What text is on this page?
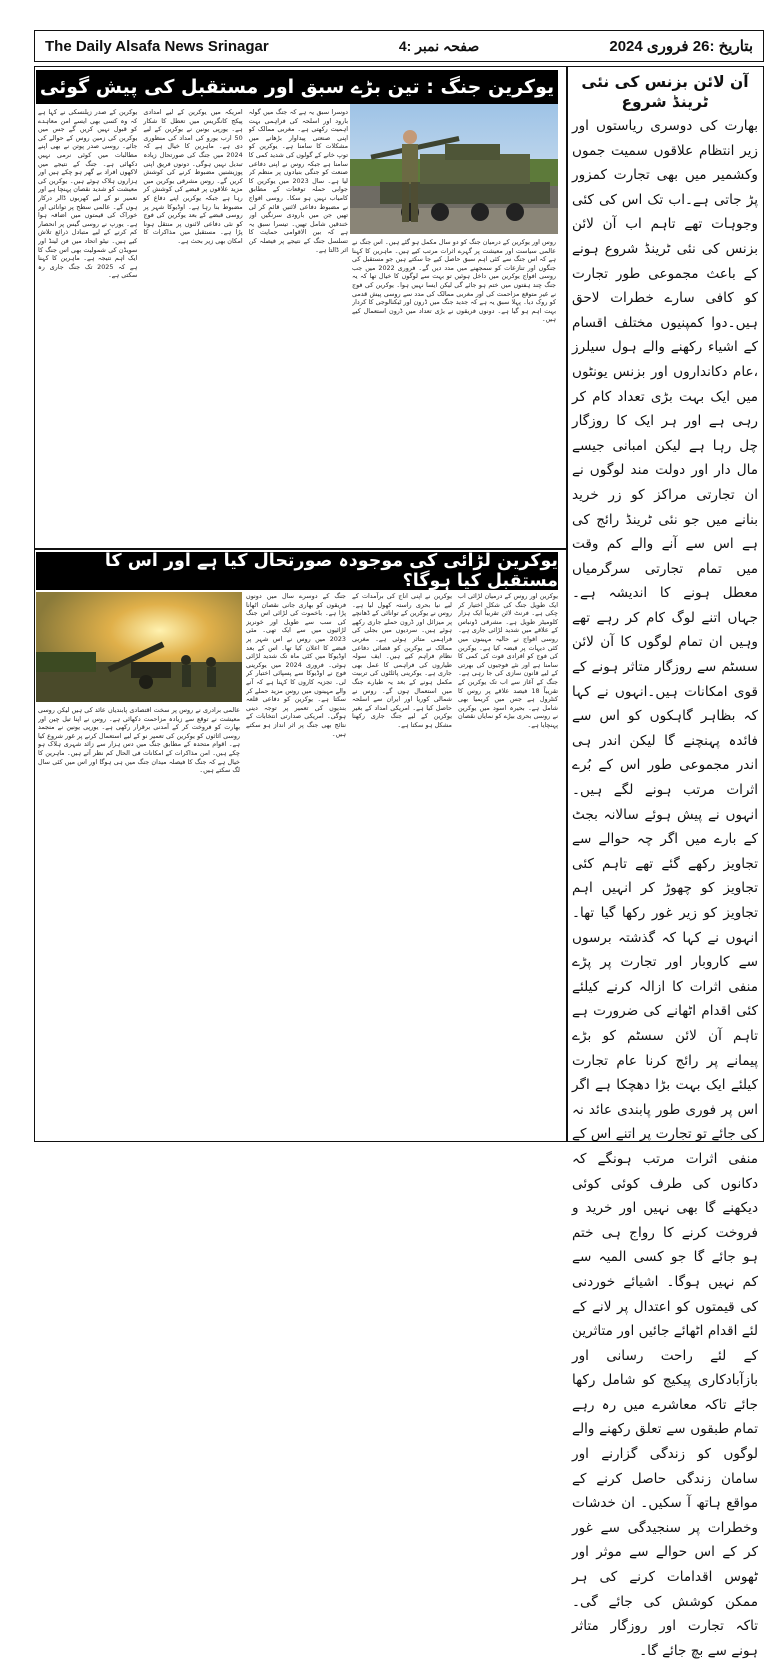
The Daily Alsafa News Srinagar	صفحہ نمبر :4	بتاریخ :26 فروری 2024
یوکرین جنگ : تین بڑے سبق اور مستقبل کی پیش گوئی

دوسرا سبق یہ ہے کہ جنگ میں گولہ بارود اور اسلحہ کی فراہمی بہت اہمیت رکھتی ہے۔ مغربی ممالک کو اپنی صنعتی پیداوار بڑھانے میں مشکلات کا سامنا ہے۔ یوکرین کو توپ خانے کے گولوں کی شدید کمی کا سامنا ہے جبکہ روس نے اپنی دفاعی صنعت کو جنگی بنیادوں پر منظم کر لیا ہے۔ سال 2023 میں یوکرین کا جوابی حملہ توقعات کے مطابق کامیاب نہیں ہو سکا۔ روسی افواج نے مضبوط دفاعی لائنیں قائم کر لی تھیں جن میں بارودی سرنگیں اور خندقیں شامل تھیں۔ تیسرا سبق یہ ہے کہ بین الاقوامی حمایت کا تسلسل جنگ کے نتیجے پر فیصلہ کن اثر ڈالتا ہے۔

امریکہ میں یوکرین کے لیے امدادی پیکج کانگریس میں تعطل کا شکار ہے۔ یورپی یونین نے یوکرین کے لیے 50 ارب یورو کی امداد کی منظوری دی ہے۔ ماہرین کا خیال ہے کہ 2024 میں جنگ کی صورتحال زیادہ تبدیل نہیں ہوگی۔ دونوں فریق اپنی پوزیشنیں مضبوط کرنے کی کوشش کریں گے۔ روس مشرقی یوکرین میں مزید علاقوں پر قبضے کی کوشش کر رہا ہے جبکہ یوکرین اپنے دفاع کو مضبوط بنا رہا ہے۔ اوڈیوکا شہر پر روسی قبضے کے بعد یوکرین کی فوج کو نئی دفاعی لائنوں پر منتقل ہونا پڑا ہے۔ مستقبل میں مذاکرات کا امکان بھی زیر بحث ہے۔

یوکرین کے صدر زیلنسکی نے کہا ہے کہ وہ کسی بھی ایسے امن معاہدے کو قبول نہیں کریں گے جس میں یوکرین کی زمین روس کے حوالے کی جائے۔ روسی صدر پوتن نے بھی اپنے مطالبات میں کوئی نرمی نہیں دکھائی ہے۔ جنگ کے نتیجے میں لاکھوں افراد بے گھر ہو چکے ہیں اور ہزاروں ہلاک ہوئے ہیں۔ یوکرین کی معیشت کو شدید نقصان پہنچا ہے اور تعمیر نو کے لیے کھربوں ڈالر درکار ہوں گے۔ عالمی سطح پر توانائی اور خوراک کی قیمتوں میں اضافہ ہوا ہے۔ یورپ نے روسی گیس پر انحصار کم کرنے کے لیے متبادل ذرائع تلاش کیے ہیں۔ نیٹو اتحاد میں فن لینڈ اور سویڈن کی شمولیت بھی اس جنگ کا ایک اہم نتیجہ ہے۔ ماہرین کا کہنا ہے کہ 2025 تک جنگ جاری رہ سکتی ہے۔

روس اور یوکرین کے درمیان جنگ کو دو سال مکمل ہو گئے ہیں۔ اس جنگ نے عالمی سیاست اور معیشت پر گہرے اثرات مرتب کیے ہیں۔ ماہرین کا کہنا ہے کہ اس جنگ سے کئی اہم سبق حاصل کیے جا سکتے ہیں جو مستقبل کی جنگوں اور تنازعات کو سمجھنے میں مدد دیں گے۔ فروری 2022 میں جب روسی افواج یوکرین میں داخل ہوئیں تو بہت سے لوگوں کا خیال تھا کہ یہ جنگ چند ہفتوں میں ختم ہو جائے گی لیکن ایسا نہیں ہوا۔ یوکرین کی فوج نے غیر متوقع مزاحمت کی اور مغربی ممالک کی مدد سے روسی پیش قدمی کو روک دیا۔ پہلا سبق یہ ہے کہ جدید جنگ میں ڈرون اور ٹیکنالوجی کا کردار بہت اہم ہو گیا ہے۔ دونوں فریقوں نے بڑی تعداد میں ڈرون استعمال کیے ہیں۔

یوکرین لڑائی کی موجودہ صورتحال کیا ہے اور اس کا مستقبل کیا ہوگا؟

یوکرین اور روس کے درمیان لڑائی اب ایک طویل جنگ کی شکل اختیار کر چکی ہے۔ فرنٹ لائن تقریباً ایک ہزار کلومیٹر طویل ہے۔ مشرقی ڈونباس کے علاقے میں شدید لڑائی جاری ہے۔ روسی افواج نے حالیہ مہینوں میں کئی دیہات پر قبضہ کیا ہے۔ یوکرین کی فوج کو افرادی قوت کی کمی کا سامنا ہے اور نئے فوجیوں کی بھرتی کے لیے قانون سازی کی جا رہی ہے۔ جنگ کے آغاز سے اب تک یوکرین کے تقریباً 18 فیصد علاقے پر روس کا کنٹرول ہے جس میں کریمیا بھی شامل ہے۔ بحیرہ اسود میں یوکرین نے روسی بحری بیڑے کو نمایاں نقصان پہنچایا ہے۔

یوکرین نے اپنی اناج کی برآمدات کے لیے نیا بحری راستہ کھول لیا ہے۔ روس نے یوکرین کے توانائی کے ڈھانچے پر میزائل اور ڈرون حملے جاری رکھے ہوئے ہیں۔ سردیوں میں بجلی کی فراہمی متاثر ہوئی ہے۔ مغربی ممالک نے یوکرین کو فضائی دفاعی نظام فراہم کیے ہیں۔ ایف سولہ طیاروں کی فراہمی کا عمل بھی جاری ہے۔ یوکرینی پائلٹوں کی تربیت مکمل ہونے کے بعد یہ طیارے جنگ میں استعمال ہوں گے۔ روس نے شمالی کوریا اور ایران سے اسلحہ حاصل کیا ہے۔ امریکی امداد کے بغیر یوکرین کے لیے جنگ جاری رکھنا مشکل ہو سکتا ہے۔

جنگ کے دوسرے سال میں دونوں فریقوں کو بھاری جانی نقصان اٹھانا پڑا ہے۔ باخموت کی لڑائی اس جنگ کی سب سے طویل اور خونریز لڑائیوں میں سے ایک تھی۔ مئی 2023 میں روس نے اس شہر پر قبضے کا اعلان کیا تھا۔ اس کے بعد اوڈیوکا میں کئی ماہ تک شدید لڑائی ہوئی۔ فروری 2024 میں یوکرینی فوج نے اوڈیوکا سے پسپائی اختیار کر لی۔ تجزیہ کاروں کا کہنا ہے کہ آنے والے مہینوں میں روس مزید حملے کر سکتا ہے۔ یوکرین کو دفاعی قلعہ بندیوں کی تعمیر پر توجہ دینی ہوگی۔ امریکی صدارتی انتخابات کے نتائج بھی جنگ پر اثر انداز ہو سکتے ہیں۔

عالمی برادری نے روس پر سخت اقتصادی پابندیاں عائد کی ہیں لیکن روسی معیشت نے توقع سے زیادہ مزاحمت دکھائی ہے۔ روس نے اپنا تیل چین اور بھارت کو فروخت کر کے آمدنی برقرار رکھی ہے۔ یورپی یونین نے منجمد روسی اثاثوں کو یوکرین کی تعمیر نو کے لیے استعمال کرنے پر غور شروع کیا ہے۔ اقوام متحدہ کے مطابق جنگ میں دس ہزار سے زائد شہری ہلاک ہو چکے ہیں۔ امن مذاکرات کے امکانات فی الحال کم نظر آتے ہیں۔ ماہرین کا خیال ہے کہ جنگ کا فیصلہ میدان جنگ میں ہی ہوگا اور اس میں کئی سال لگ سکتے ہیں۔

آن لائن بزنس کی نئی ٹرینڈ شروع
بھارت کی دوسری ریاستوں اور زیر انتظام علاقوں سمیت جموں وکشمیر میں بھی تجارت کمزور پڑ جاتی ہے۔اب تک اس کی کئی وجوہات تھے تاہم اب آن لائن بزنس کی نئی ٹرینڈ شروع ہونے کے باعث مجموعی طور تجارت کو کافی سارے خطرات لاحق ہیں۔دوا کمپنیوں مختلف اقسام کے اشیاء رکھنے والے ہول سیلرز ،عام دکانداروں اور بزنس یونٹوں میں ایک بہت بڑی تعداد کام کر رہی ہے اور ہر ایک کا روزگار چل رہا ہے لیکن امبانی جیسے مال دار اور دولت مند لوگوں نے ان تجارتی مراکز کو زر خرید بنانے میں جو نئی ٹرینڈ رائج کی ہے اس سے آنے والے کم وقت میں تمام تجارتی سرگرمیاں معطل ہونے کا اندیشہ ہے۔ جہاں اتنے لوگ کام کر رہے تھے وہیں ان تمام لوگوں کا آن لائن سسٹم سے روزگار متاثر ہونے کے قوی امکانات ہیں۔انہوں نے کہا کہ بظاہر گاہکوں کو اس سے فائدہ پہنچنے گا لیکن اندر ہی اندر مجموعی طور اس کے بُرے اثرات مرتب ہونے لگے ہیں۔انہوں نے پیش ہوئے سالانہ بجٹ کے بارے میں اگر چہ حوالے سے تجاویز رکھے گئے تھے تاہم کئی تجاویز کو چھوڑ کر انہیں اہم تجاویز کو زیر غور رکھا گیا تھا۔انہوں نے کہا کہ گذشتہ برسوں سے کاروبار اور تجارت پر پڑے منفی اثرات کا ازالہ کرنے کیلئے کئی اقدام اٹھانے کی ضرورت ہے تاہم آن لائن سسٹم کو بڑے پیمانے پر رائج کرنا عام تجارت کیلئے ایک بہت بڑا دھچکا ہے اگر اس پر فوری طور پابندی عائد نہ کی جائے تو تجارت پر اتنے اس کے منفی اثرات مرتب ہونگے کہ دکانوں کی طرف کوئی کوئی دیکھنے گا بھی نہیں اور خرید و فروخت کرنے کا رواج ہی ختم ہو جائے گا جو کسی المیہ سے کم نہیں ہوگا۔ اشیائے خوردنی کی قیمتوں کو اعتدال پر لانے کے لئے اقدام اٹھائے جائیں اور متاثرین کے لئے راحت رسانی اور بازآبادکاری پیکیج کو شامل رکھا جائے تاکہ معاشرے میں رہ رہے تمام طبقوں سے تعلق رکھنے والے لوگوں کو زندگی گزارنے اور سامان زندگی حاصل کرنے کے مواقع ہاتھ آ سکیں۔ ان خدشات وخطرات پر سنجیدگی سے غور کر کے اس حوالے سے موثر اور ٹھوس اقدامات کرنے کی ہر ممکن کوشش کی جائے گی۔ تاکہ تجارت اور روزگار متاثر ہونے سے بچ جائے گا۔
